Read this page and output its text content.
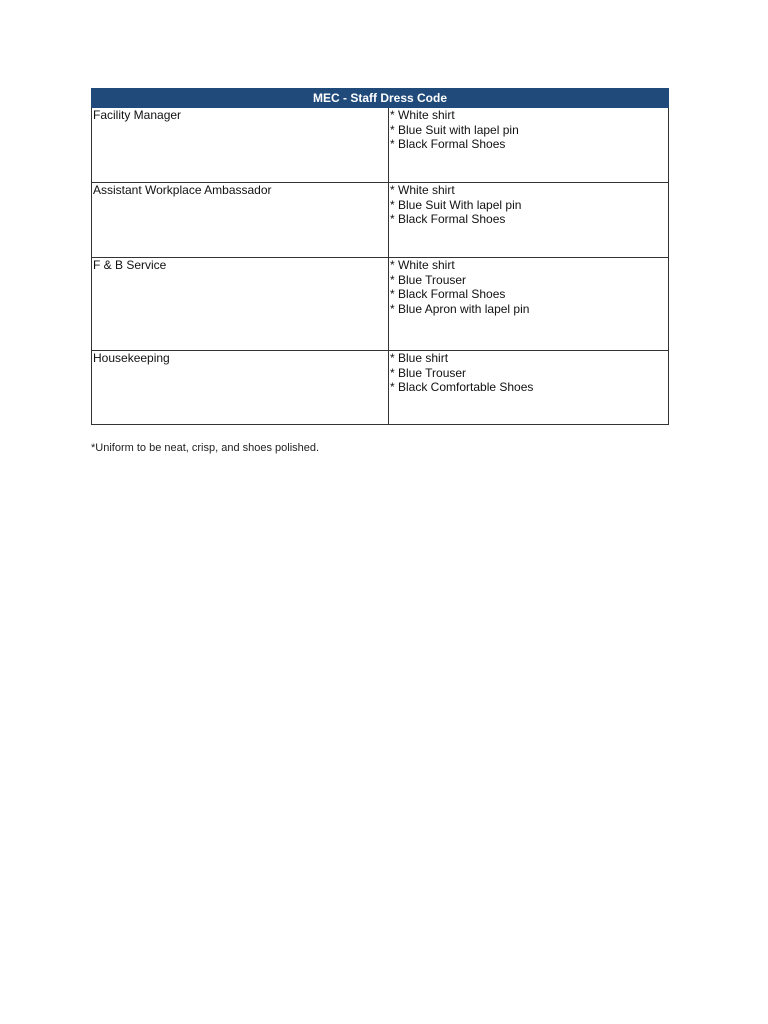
MEC - Staff Dress Code	
Facility Manager	* White shirt
* Blue Suit with lapel pin
* Black Formal Shoes

Assistant Workplace Ambassador	* White shirt
* Blue Suit With lapel pin
* Black Formal Shoes

F & B Service	* White shirt
* Blue Trouser
* Black Formal Shoes
* Blue Apron with lapel pin

Housekeeping	* Blue shirt
* Blue Trouser
* Black Comfortable Shoes
*Uniform to be neat, crisp, and shoes polished.
